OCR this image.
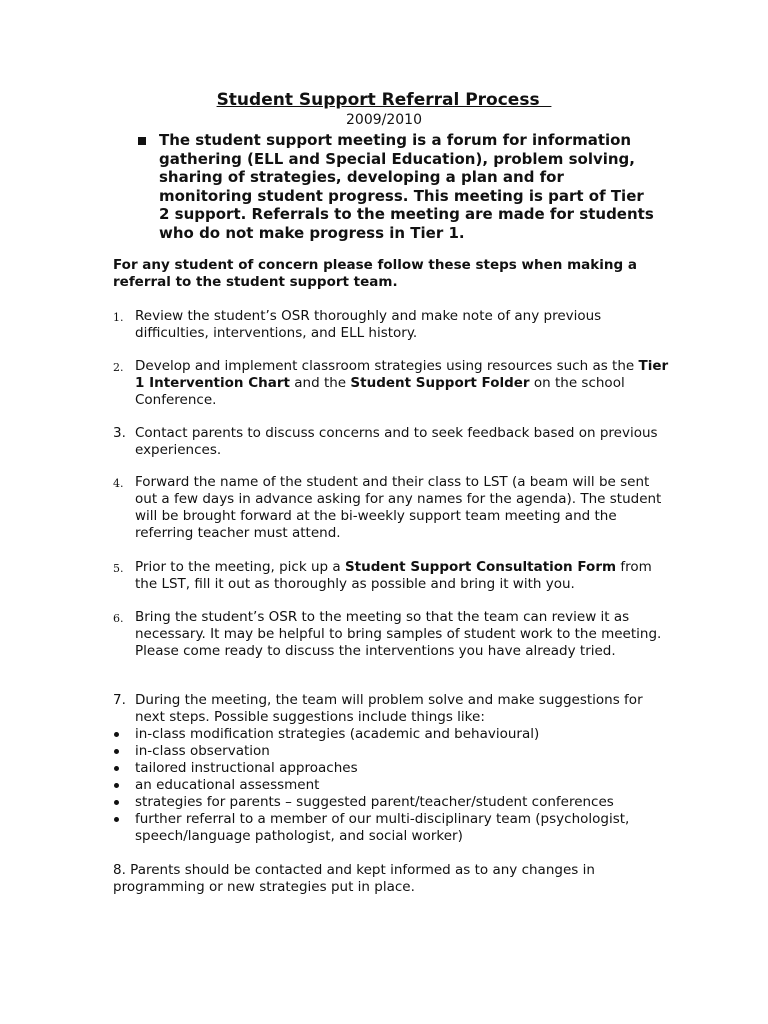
Student Support Referral Process
2009/2010
The student support meeting is a forum for information gathering (ELL and Special Education), problem solving, sharing of strategies, developing a plan and for monitoring student progress. This meeting is part of Tier 2 support. Referrals to the meeting are made for students who do not make progress in Tier 1.
For any student of concern please follow these steps when making a referral to the student support team.
1. Review the student’s OSR thoroughly and make note of any previous difficulties, interventions, and ELL history.
2. Develop and implement classroom strategies using resources such as the Tier 1 Intervention Chart and the Student Support Folder on the school Conference.
3. Contact parents to discuss concerns and to seek feedback based on previous experiences.
4. Forward the name of the student and their class to LST (a beam will be sent out a few days in advance asking for any names for the agenda). The student will be brought forward at the bi-weekly support team meeting and the referring teacher must attend.
5. Prior to the meeting, pick up a Student Support Consultation Form from the LST, fill it out as thoroughly as possible and bring it with you.
6. Bring the student’s OSR to the meeting so that the team can review it as necessary. It may be helpful to bring samples of student work to the meeting. Please come ready to discuss the interventions you have already tried.
7. During the meeting, the team will problem solve and make suggestions for next steps. Possible suggestions include things like:
in-class modification strategies (academic and behavioural)
in-class observation
tailored instructional approaches
an educational assessment
strategies for parents – suggested parent/teacher/student conferences
further referral to a member of our multi-disciplinary team (psychologist, speech/language pathologist, and social worker)
8. Parents should be contacted and kept informed as to any changes in programming or new strategies put in place.
